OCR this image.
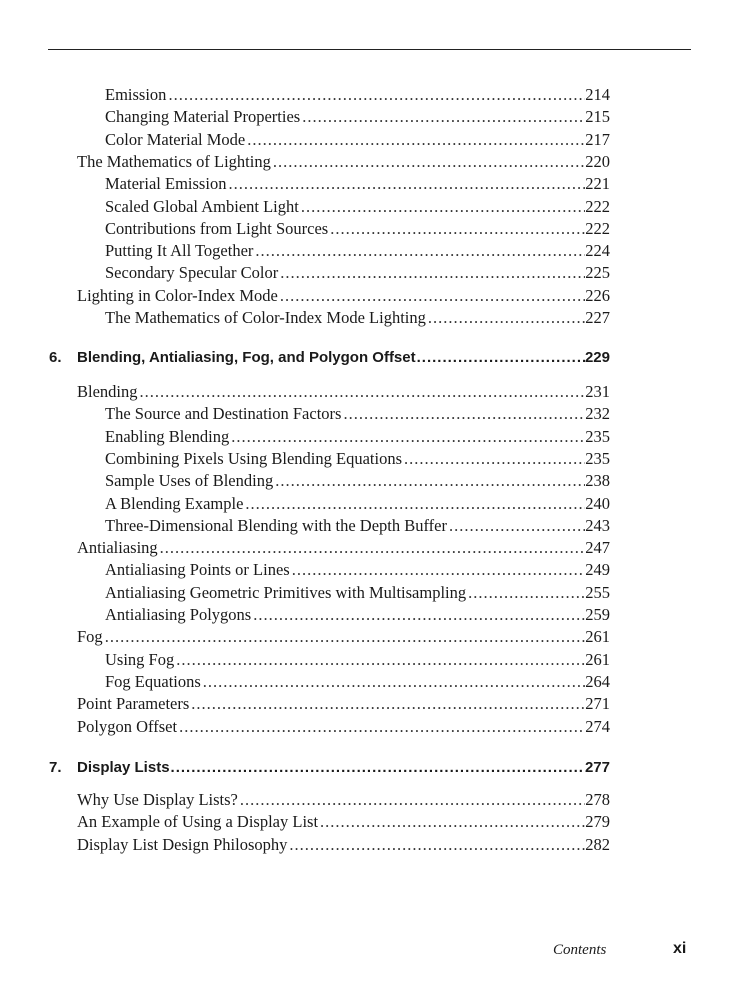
Emission .....	214
Changing Material Properties .....	215
Color Material Mode .....	217
The Mathematics of Lighting .....	220
Material Emission .....	221
Scaled Global Ambient Light .....	222
Contributions from Light Sources .....	222
Putting It All Together .....	224
Secondary Specular Color .....	225
Lighting in Color-Index Mode .....	226
The Mathematics of Color-Index Mode Lighting .....	227
6. Blending, Antialiasing, Fog, and Polygon Offset .....	229
Blending .....	231
The Source and Destination Factors .....	232
Enabling Blending .....	235
Combining Pixels Using Blending Equations .....	235
Sample Uses of Blending .....	238
A Blending Example .....	240
Three-Dimensional Blending with the Depth Buffer .....	243
Antialiasing .....	247
Antialiasing Points or Lines .....	249
Antialiasing Geometric Primitives with Multisampling .....	255
Antialiasing Polygons .....	259
Fog .....	261
Using Fog .....	261
Fog Equations .....	264
Point Parameters .....	271
Polygon Offset .....	274
7. Display Lists .....	277
Why Use Display Lists? .....	278
An Example of Using a Display List .....	279
Display List Design Philosophy .....	282
Contents	xi
